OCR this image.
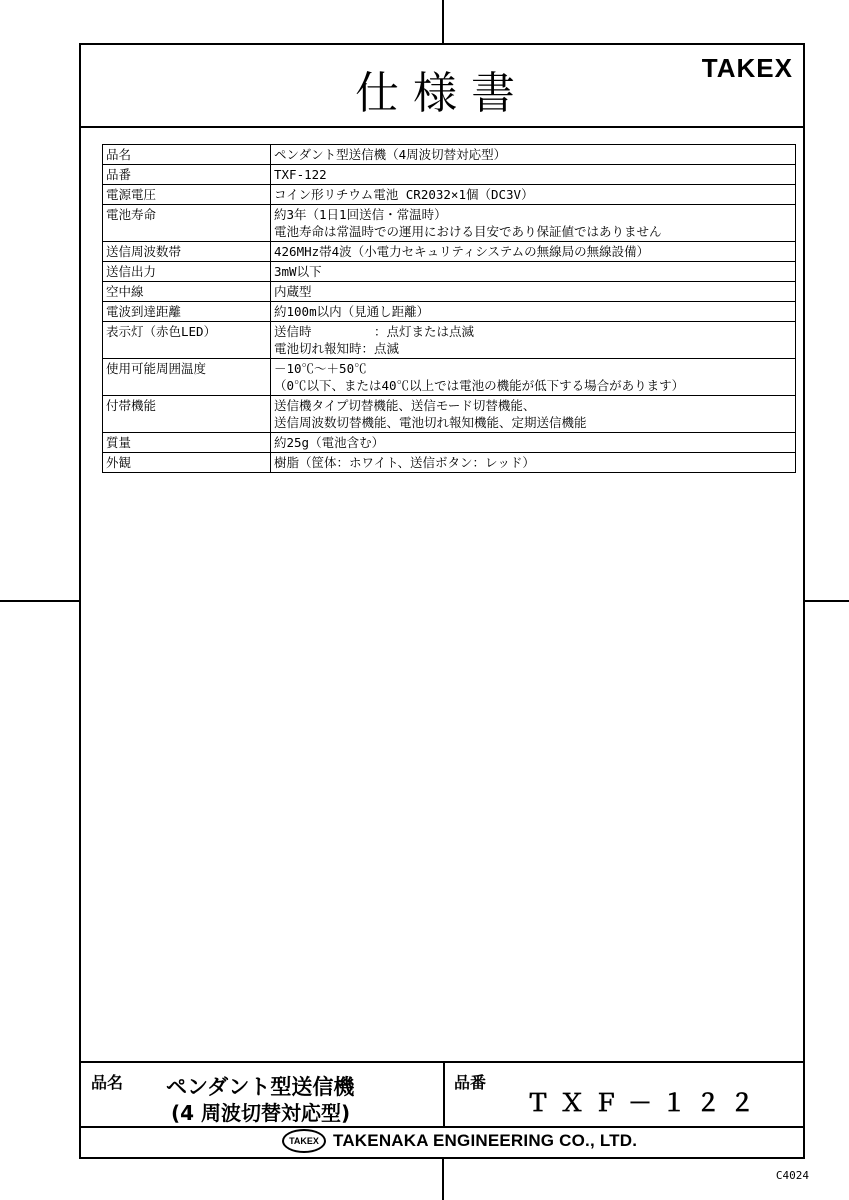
仕様書	TAKEX
品名	ペンダント型送信機（4周波切替対応型）

品番	TXF-122

電源電圧	コイン形リチウム電池 CR2032×1個（DC3V）

電池寿命	約3年（1日1回送信・常温時）
電池寿命は常温時での運用における目安であり保証値ではありません

送信周波数帯	426MHz帯4波（小電力セキュリティシステムの無線局の無線設備）

送信出力	3mW以下

空中線	内蔵型

電波到達距離	約100m以内（見通し距離）

表示灯（赤色LED）	送信時　　　　　：点灯または点滅
電池切れ報知時：点滅

使用可能周囲温度	－10℃～＋50℃
（0℃以下、または40℃以上では電池の機能が低下する場合があります）

付帯機能	送信機タイプ切替機能、送信モード切替機能、
送信周波数切替機能、電池切れ報知機能、定期送信機能

質量	約25g（電池含む）

外観	樹脂（筐体：ホワイト、送信ボタン：レッド）
品名 ペンダント型送信機
(4 周波切替対応型)
品番
ＴＸＦ－１２２
TAKEX TAKENAKA ENGINEERING CO., LTD.
C4024
